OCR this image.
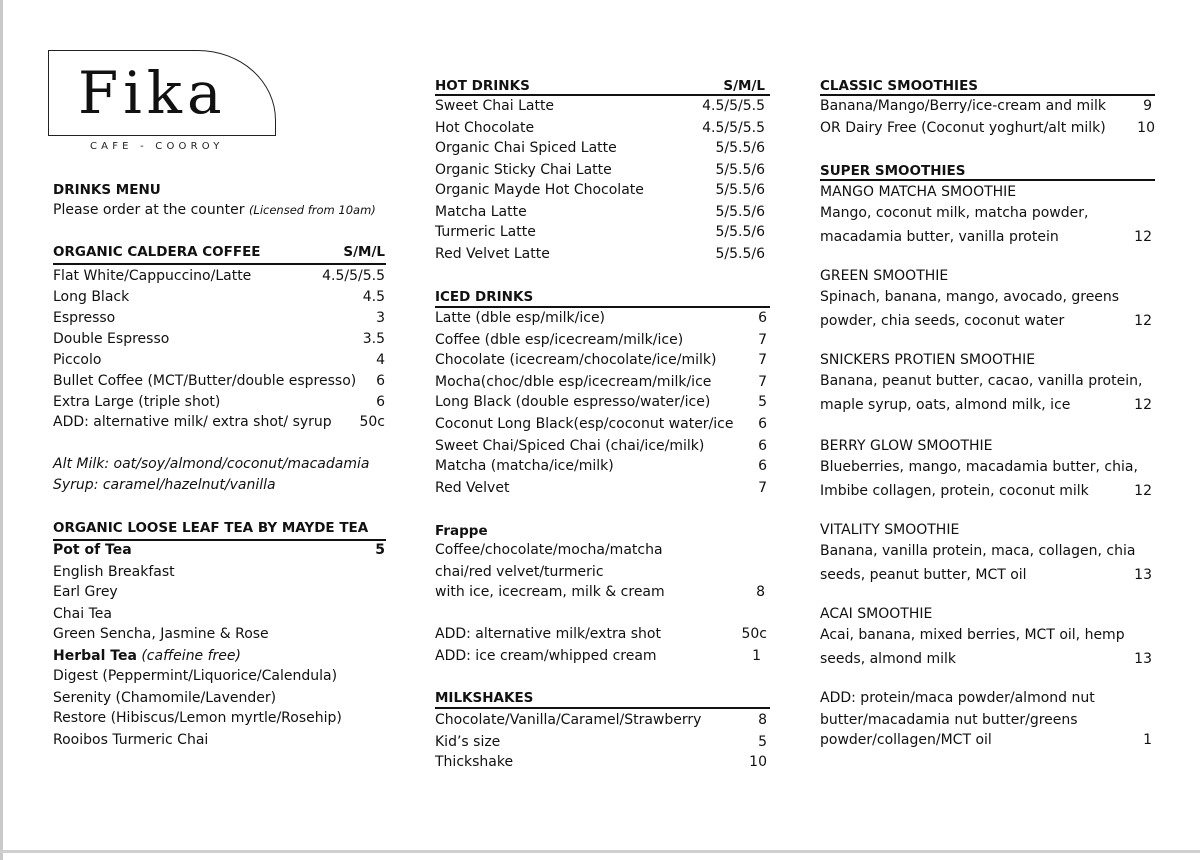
Fika
CAFE - COOROY
DRINKS MENU
Please order at the counter (Licensed from 10am)
ORGANIC CALDERA COFFEE	S/M/L
Flat White/Cappuccino/Latte	4.5/5/5.5
Long Black	4.5
Espresso	3
Double Espresso	3.5
Piccolo	4
Bullet Coffee (MCT/Butter/double espresso)	6
Extra Large (triple shot)	6
ADD: alternative milk/ extra shot/ syrup	50c
Alt Milk: oat/soy/almond/coconut/macadamia
Syrup: caramel/hazelnut/vanilla
ORGANIC LOOSE LEAF TEA BY MAYDE TEA
Pot of Tea	5
English Breakfast
Earl Grey
Chai Tea
Green Sencha, Jasmine & Rose
Herbal Tea (caffeine free)
Digest (Peppermint/Liquorice/Calendula)
Serenity (Chamomile/Lavender)
Restore (Hibiscus/Lemon myrtle/Rosehip)
Rooibos Turmeric Chai
HOT DRINKS	S/M/L
Sweet Chai Latte	4.5/5/5.5
Hot Chocolate	4.5/5/5.5
Organic Chai Spiced Latte	5/5.5/6
Organic Sticky Chai Latte	5/5.5/6
Organic Mayde Hot Chocolate	5/5.5/6
Matcha Latte	5/5.5/6
Turmeric Latte	5/5.5/6
Red Velvet Latte	5/5.5/6
ICED DRINKS
Latte (dble esp/milk/ice)	6
Coffee (dble esp/icecream/milk/ice)	7
Chocolate (icecream/chocolate/ice/milk)	7
Mocha(choc/dble esp/icecream/milk/ice	7
Long Black (double espresso/water/ice)	5
Coconut Long Black(esp/coconut water/ice	6
Sweet Chai/Spiced Chai (chai/ice/milk)	6
Matcha (matcha/ice/milk)	6
Red Velvet	7
Frappe
Coffee/chocolate/mocha/matcha
chai/red velvet/turmeric
with ice, icecream, milk & cream	8
ADD: alternative milk/extra shot	50c
ADD: ice cream/whipped cream	1
MILKSHAKES
Chocolate/Vanilla/Caramel/Strawberry	8
Kid’s size	5
Thickshake	10
CLASSIC SMOOTHIES
Banana/Mango/Berry/ice-cream and milk	9
OR Dairy Free (Coconut yoghurt/alt milk)	10
SUPER SMOOTHIES
MANGO MATCHA SMOOTHIE
Mango, coconut milk, matcha powder,
macadamia butter, vanilla protein	12
GREEN SMOOTHIE
Spinach, banana, mango, avocado, greens
powder, chia seeds, coconut water	12
SNICKERS PROTIEN SMOOTHIE
Banana, peanut butter, cacao, vanilla protein,
maple syrup, oats, almond milk, ice	12
BERRY GLOW SMOOTHIE
Blueberries, mango, macadamia butter, chia,
Imbibe collagen, protein, coconut milk	12
VITALITY SMOOTHIE
Banana, vanilla protein, maca, collagen, chia
seeds, peanut butter, MCT oil	13
ACAI SMOOTHIE
Acai, banana, mixed berries, MCT oil, hemp
seeds, almond milk	13
ADD: protein/maca powder/almond nut
butter/macadamia nut butter/greens
powder/collagen/MCT oil	1
